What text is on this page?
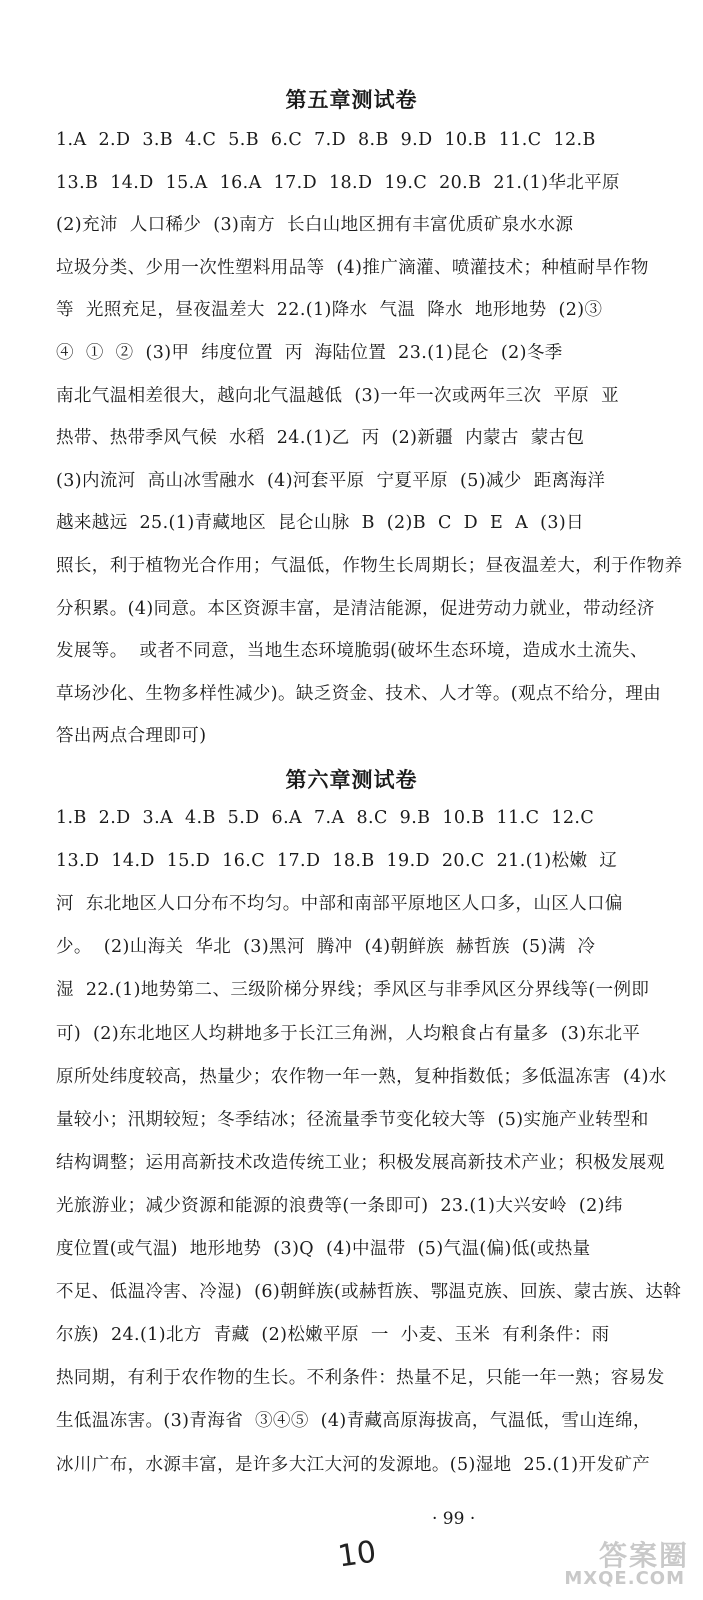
第五章测试卷
1.A  2.D  3.B  4.C  5.B  6.C  7.D  8.B  9.D  10.B  11.C  12.B
13.B  14.D  15.A  16.A  17.D  18.D  19.C  20.B  21.(1)华北平原
(2)充沛  人口稀少  (3)南方  长白山地区拥有丰富优质矿泉水水源
垃圾分类、少用一次性塑料用品等  (4)推广滴灌、喷灌技术；种植耐旱作物
等  光照充足，昼夜温差大  22.(1)降水  气温  降水  地形地势  (2)③
④  ①  ②  (3)甲  纬度位置  丙  海陆位置  23.(1)昆仑  (2)冬季
南北气温相差很大，越向北气温越低  (3)一年一次或两年三次  平原  亚
热带、热带季风气候  水稻  24.(1)乙  丙  (2)新疆  内蒙古  蒙古包
(3)内流河  高山冰雪融水  (4)河套平原  宁夏平原  (5)减少  距离海洋
越来越远  25.(1)青藏地区  昆仑山脉  B  (2)B  C  D  E  A  (3)日
照长，利于植物光合作用；气温低，作物生长周期长；昼夜温差大，利于作物养
分积累。(4)同意。本区资源丰富，是清洁能源，促进劳动力就业，带动经济
发展等。  或者不同意，当地生态环境脆弱(破坏生态环境，造成水土流失、
草场沙化、生物多样性减少)。缺乏资金、技术、人才等。(观点不给分，理由
答出两点合理即可)
第六章测试卷
1.B  2.D  3.A  4.B  5.D  6.A  7.A  8.C  9.B  10.B  11.C  12.C
13.D  14.D  15.D  16.C  17.D  18.B  19.D  20.C  21.(1)松嫩  辽
河  东北地区人口分布不均匀。中部和南部平原地区人口多，山区人口偏
少。  (2)山海关  华北  (3)黑河  腾冲  (4)朝鲜族  赫哲族  (5)满  冷
湿  22.(1)地势第二、三级阶梯分界线；季风区与非季风区分界线等(一例即
可)  (2)东北地区人均耕地多于长江三角洲，人均粮食占有量多  (3)东北平
原所处纬度较高，热量少；农作物一年一熟，复种指数低；多低温冻害  (4)水
量较小；汛期较短；冬季结冰；径流量季节变化较大等  (5)实施产业转型和
结构调整；运用高新技术改造传统工业；积极发展高新技术产业；积极发展观
光旅游业；减少资源和能源的浪费等(一条即可)  23.(1)大兴安岭  (2)纬
度位置(或气温)  地形地势  (3)Q  (4)中温带  (5)气温(偏)低(或热量
不足、低温冷害、冷湿)  (6)朝鲜族(或赫哲族、鄂温克族、回族、蒙古族、达斡
尔族)  24.(1)北方  青藏  (2)松嫩平原  一  小麦、玉米  有利条件：雨
热同期，有利于农作物的生长。不利条件：热量不足，只能一年一熟；容易发
生低温冻害。(3)青海省  ③④⑤  (4)青藏高原海拔高，气温低，雪山连绵，
冰川广布，水源丰富，是许多大江大河的发源地。(5)湿地  25.(1)开发矿产
· 99 ·
10	答案圈
MXQE.COM
